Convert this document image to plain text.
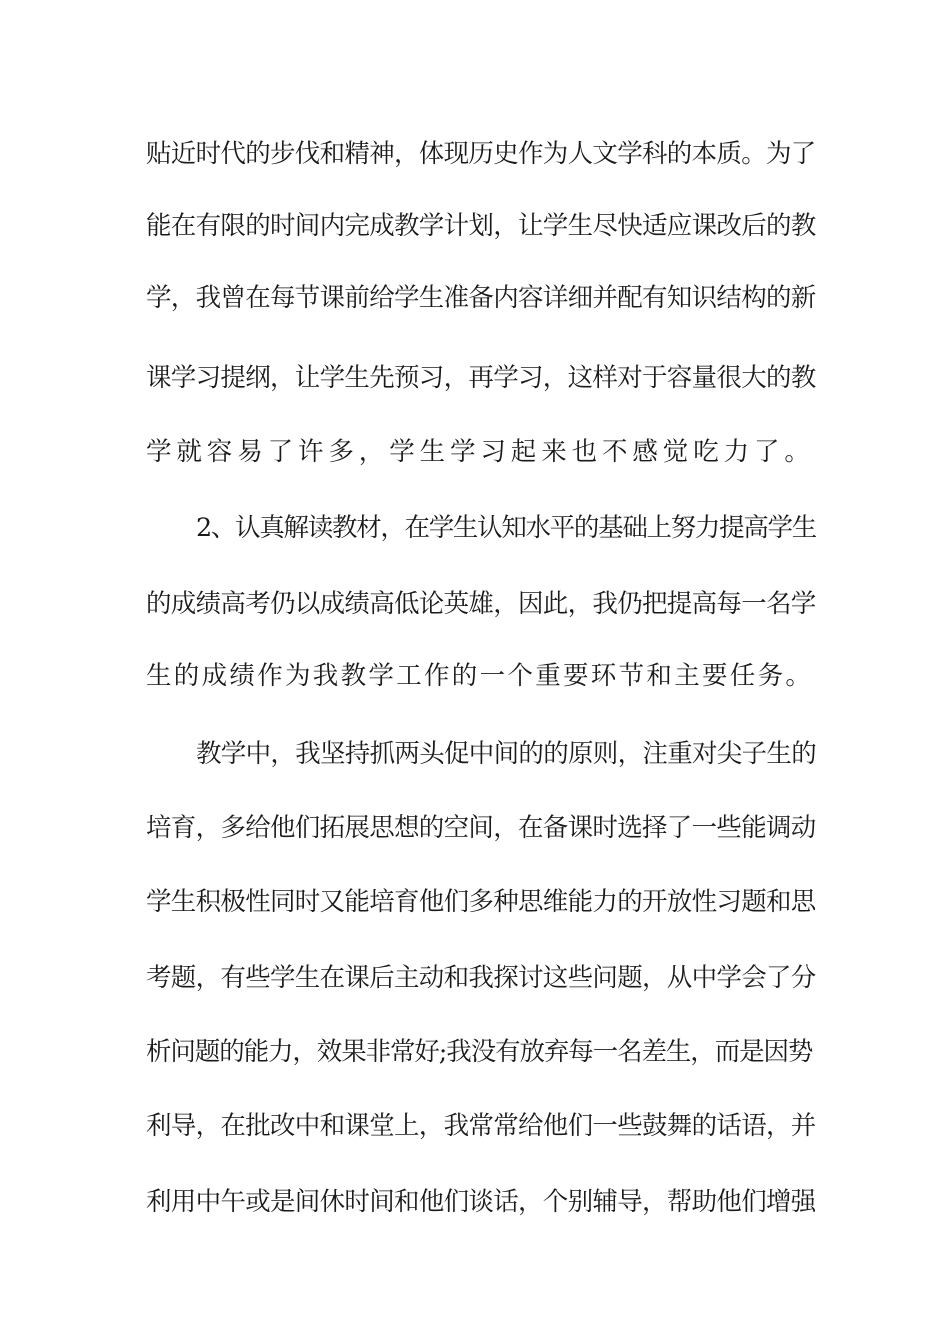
贴近时代的步伐和精神，体现历史作为人文学科的本质。为了
能在有限的时间内完成教学计划，让学生尽快适应课改后的教
学，我曾在每节课前给学生准备内容详细并配有知识结构的新
课学习提纲，让学生先预习，再学习，这样对于容量很大的教
学就容易了许多，学生学习起来也不感觉吃力了。
2、认真解读教材，在学生认知水平的基础上努力提高学生
的成绩高考仍以成绩高低论英雄，因此，我仍把提高每一名学
生的成绩作为我教学工作的一个重要环节和主要任务。
教学中，我坚持抓两头促中间的的原则，注重对尖子生的
培育，多给他们拓展思想的空间，在备课时选择了一些能调动
学生积极性同时又能培育他们多种思维能力的开放性习题和思
考题，有些学生在课后主动和我探讨这些问题，从中学会了分
析问题的能力，效果非常好;我没有放弃每一名差生，而是因势
利导，在批改中和课堂上，我常常给他们一些鼓舞的话语，并
利用中午或是间休时间和他们谈话，个别辅导，帮助他们增强
